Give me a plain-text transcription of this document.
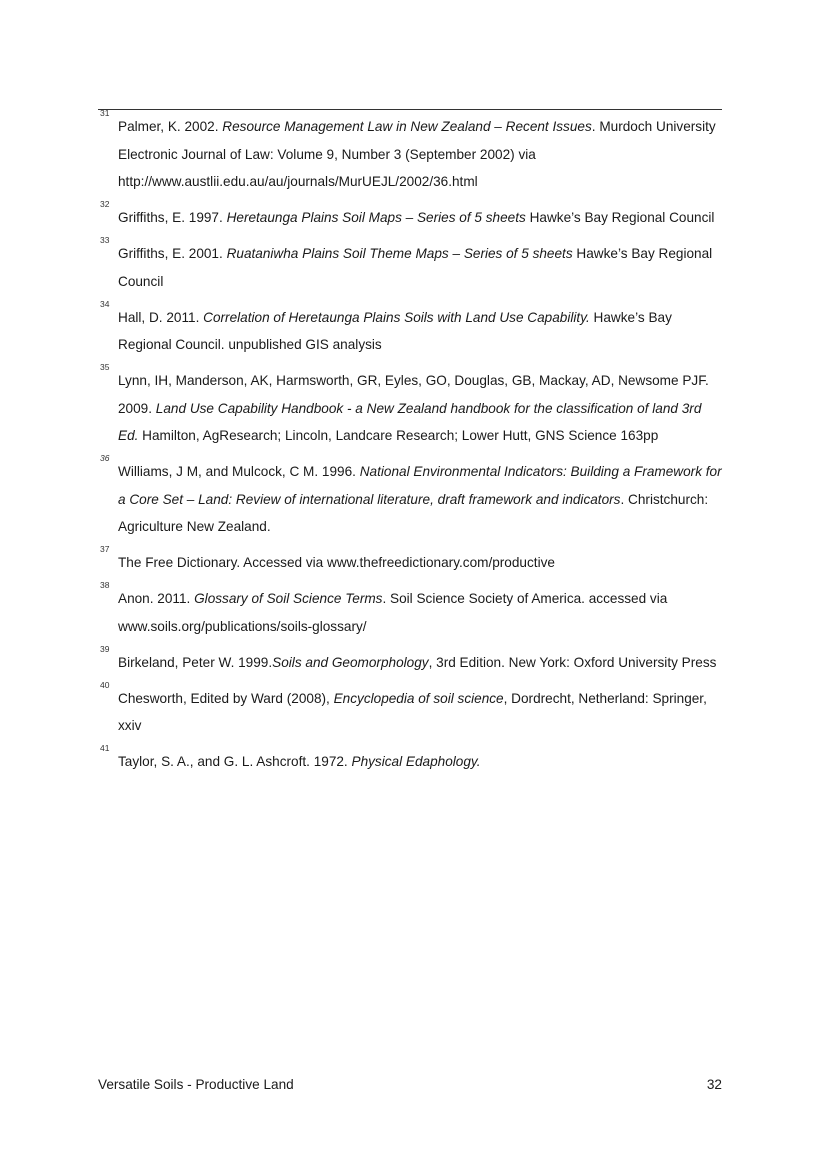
31
Palmer, K. 2002. Resource Management Law in New Zealand – Recent Issues. Murdoch University Electronic Journal of Law: Volume 9, Number 3 (September 2002) via http://www.austlii.edu.au/au/journals/MurUEJL/2002/36.html
32
Griffiths, E. 1997. Heretaunga Plains Soil Maps – Series of 5 sheets Hawke’s Bay Regional Council
33
Griffiths, E. 2001. Ruataniwha Plains Soil Theme Maps – Series of 5 sheets Hawke’s Bay Regional Council
34
Hall, D. 2011. Correlation of Heretaunga Plains Soils with Land Use Capability. Hawke’s Bay Regional Council. unpublished GIS analysis
35
Lynn, IH, Manderson, AK, Harmsworth, GR, Eyles, GO, Douglas, GB, Mackay, AD, Newsome PJF. 2009. Land Use Capability Handbook - a New Zealand handbook for the classification of land 3rd Ed. Hamilton, AgResearch; Lincoln, Landcare Research; Lower Hutt, GNS Science 163pp
36
Williams, J M, and Mulcock, C M. 1996. National Environmental Indicators: Building a Framework for a Core Set – Land: Review of international literature, draft framework and indicators. Christchurch: Agriculture New Zealand.
37
The Free Dictionary. Accessed via www.thefreedictionary.com/productive
38
Anon. 2011. Glossary of Soil Science Terms. Soil Science Society of America. accessed via www.soils.org/publications/soils-glossary/
39
Birkeland, Peter W. 1999.Soils and Geomorphology, 3rd Edition. New York: Oxford University Press
40
Chesworth, Edited by Ward (2008), Encyclopedia of soil science, Dordrecht, Netherland: Springer, xxiv
41
Taylor, S. A., and G. L. Ashcroft. 1972. Physical Edaphology.
Versatile Soils - Productive Land	32
